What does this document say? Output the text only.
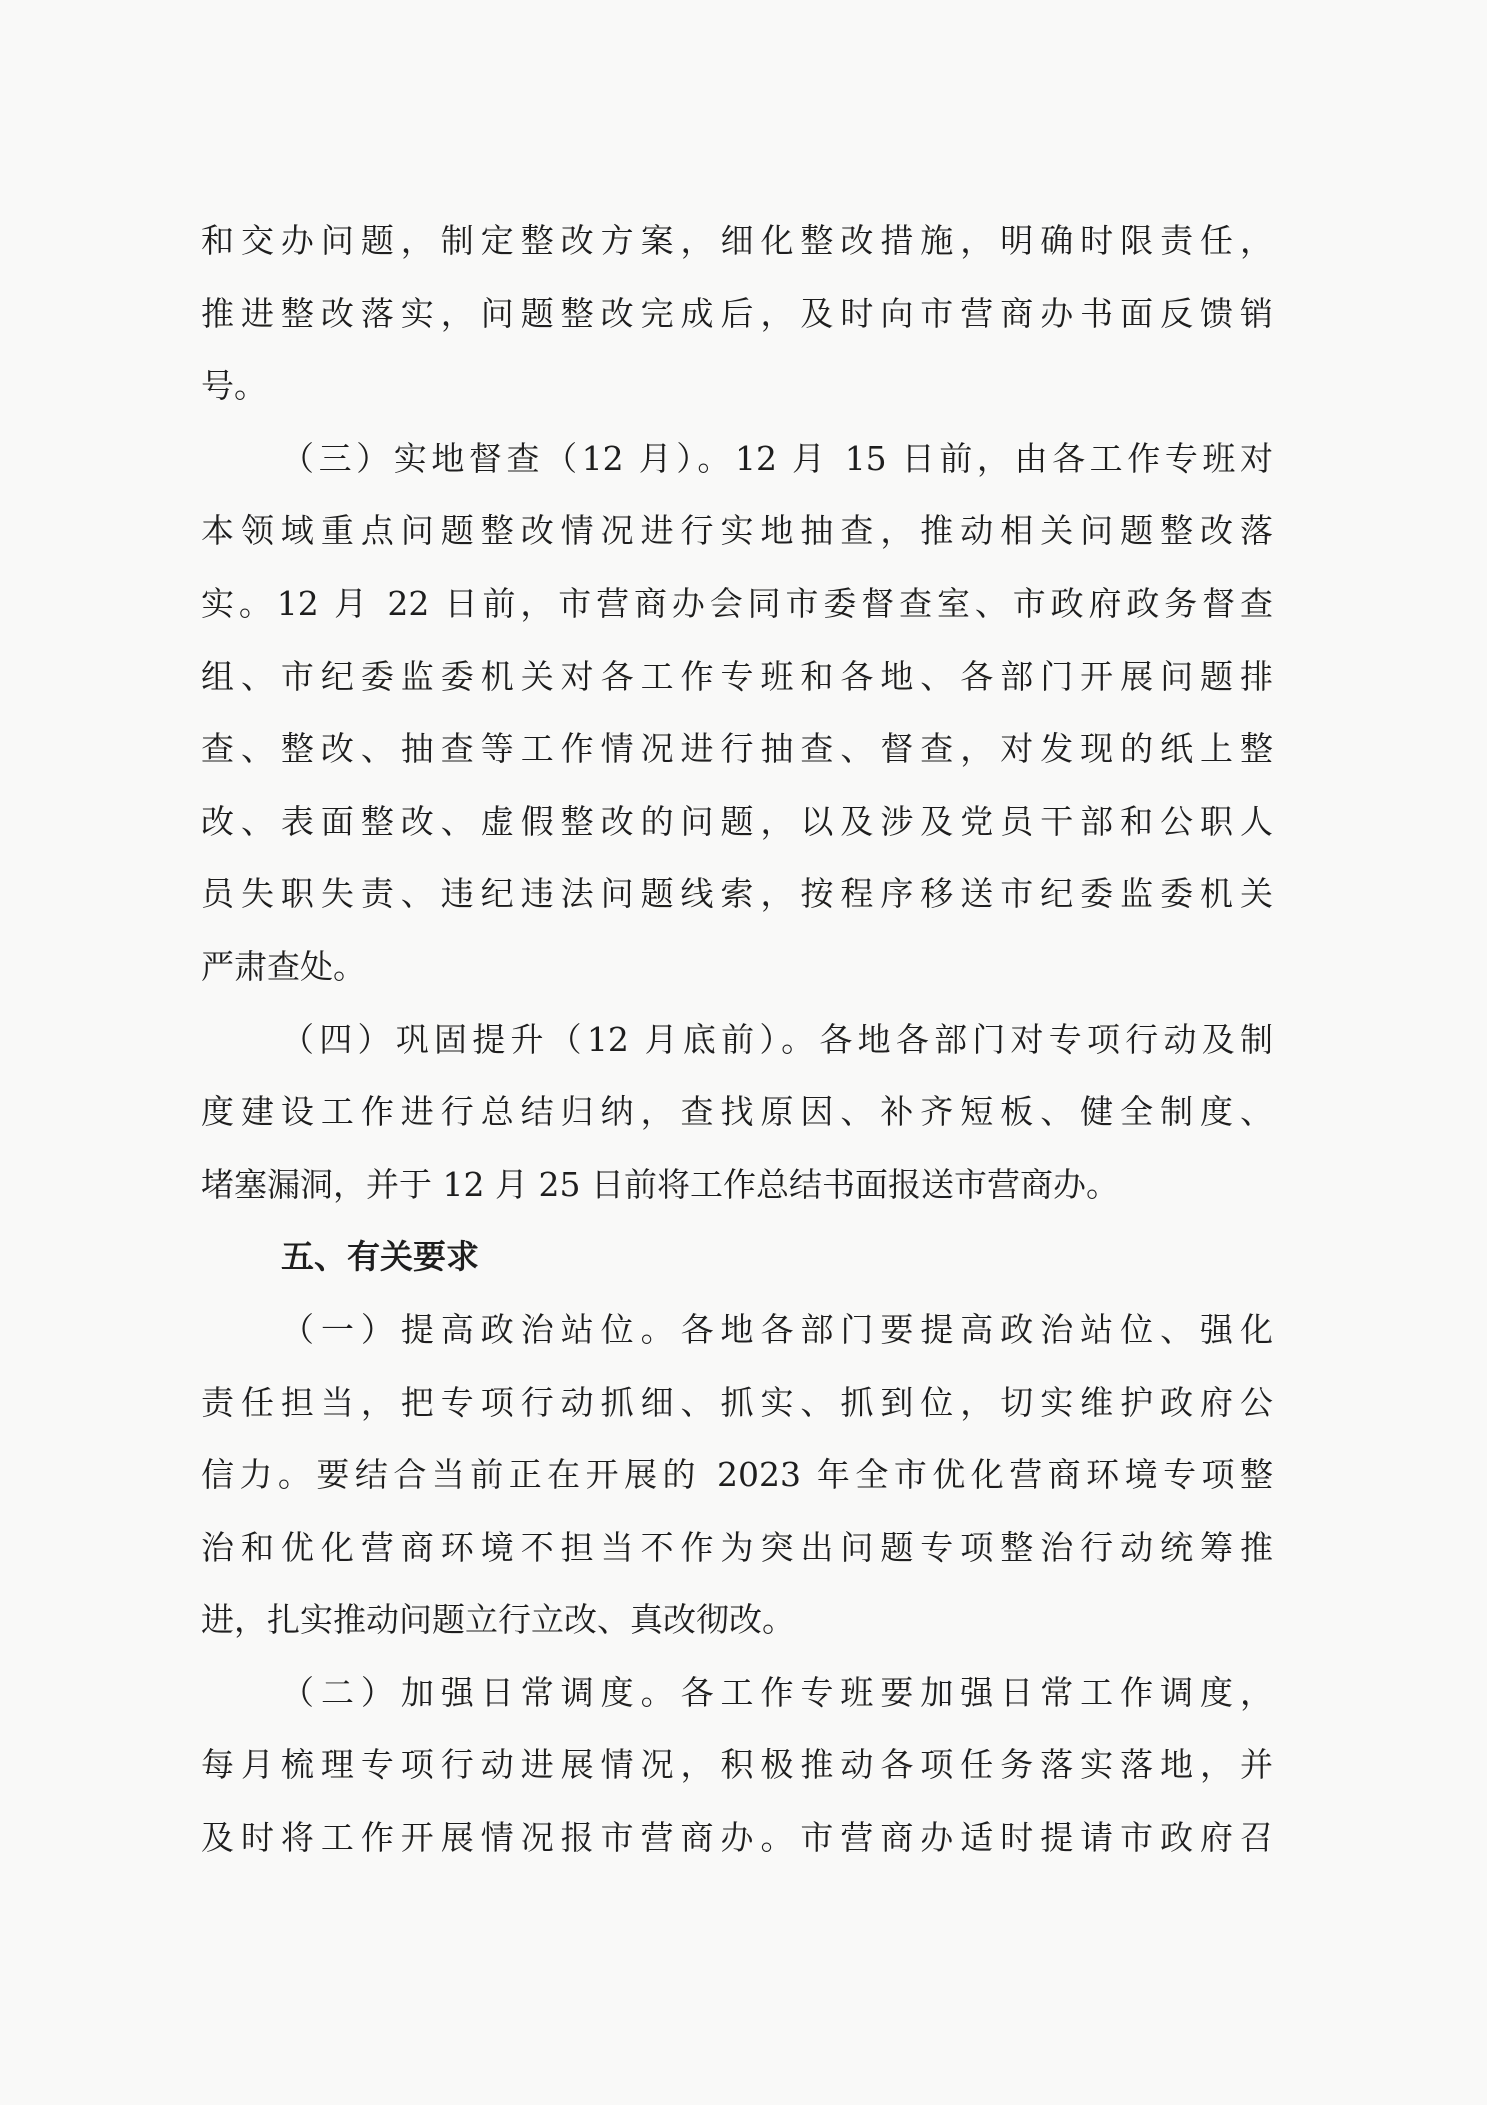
和交办问题，制定整改方案，细化整改措施，明确时限责任，
推进整改落实，问题整改完成后，及时向市营商办书面反馈销
号。
（三）实地督查（12 月）。12 月 15 日前，由各工作专班对
本领域重点问题整改情况进行实地抽查，推动相关问题整改落
实。12 月 22 日前，市营商办会同市委督查室、市政府政务督查
组、市纪委监委机关对各工作专班和各地、各部门开展问题排
查、整改、抽查等工作情况进行抽查、督查，对发现的纸上整
改、表面整改、虚假整改的问题，以及涉及党员干部和公职人
员失职失责、违纪违法问题线索，按程序移送市纪委监委机关
严肃查处。
（四）巩固提升（12 月底前）。各地各部门对专项行动及制
度建设工作进行总结归纳，查找原因、补齐短板、健全制度、
堵塞漏洞，并于 12 月 25 日前将工作总结书面报送市营商办。
五、有关要求
（一）提高政治站位。各地各部门要提高政治站位、强化
责任担当，把专项行动抓细、抓实、抓到位，切实维护政府公
信力。要结合当前正在开展的 2023 年全市优化营商环境专项整
治和优化营商环境不担当不作为突出问题专项整治行动统筹推
进，扎实推动问题立行立改、真改彻改。
（二）加强日常调度。各工作专班要加强日常工作调度，
每月梳理专项行动进展情况，积极推动各项任务落实落地，并
及时将工作开展情况报市营商办。市营商办适时提请市政府召
